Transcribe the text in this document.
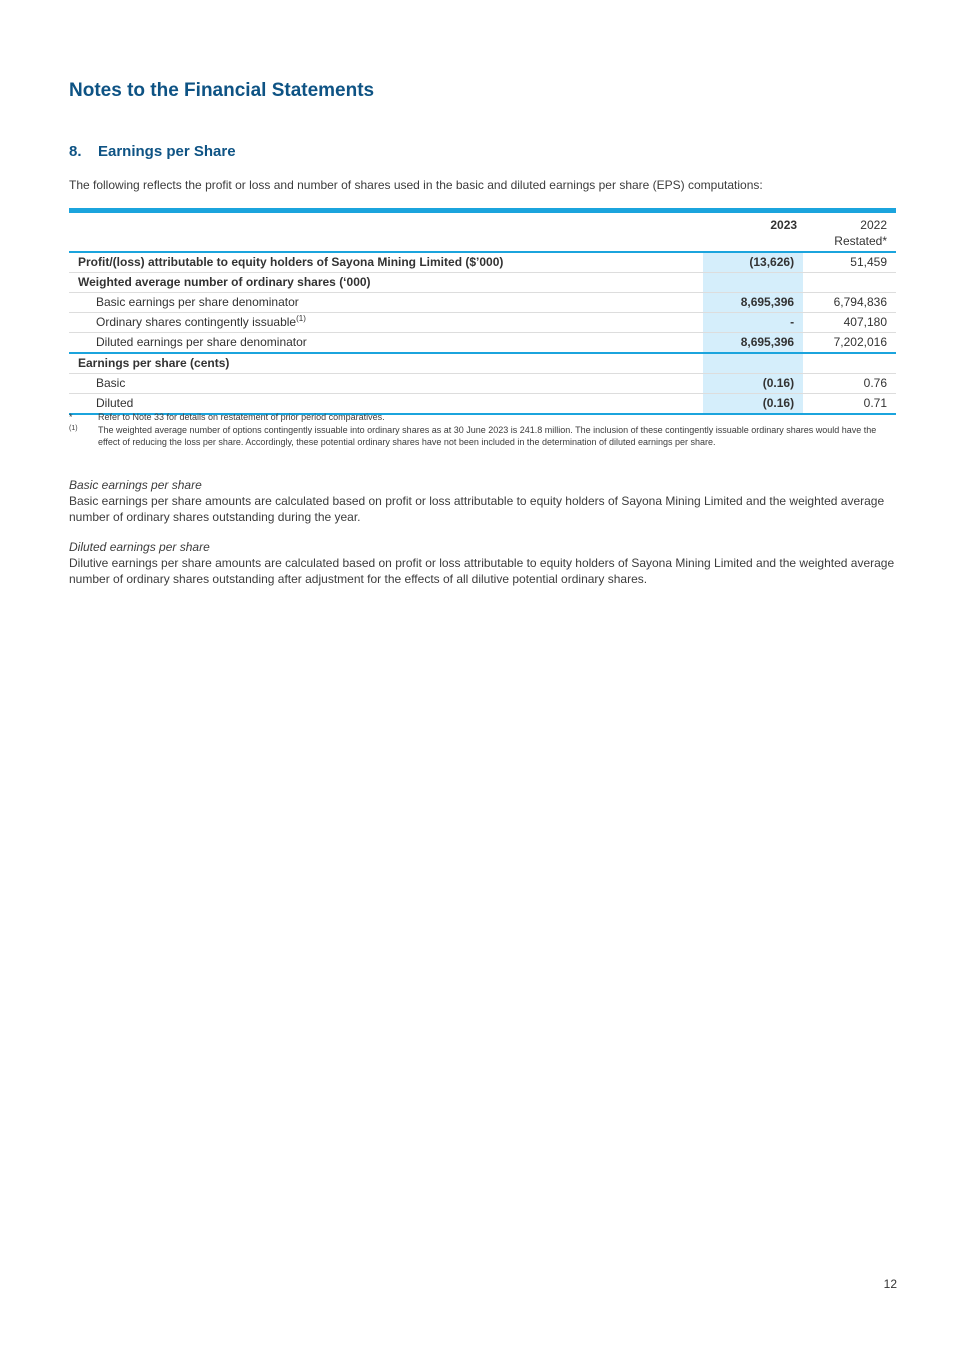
Notes to the Financial Statements
8. Earnings per Share

The following reflects the profit or loss and number of shares used in the basic and diluted earnings per share (EPS) computations:

	2023	2022
Restated*
Profit/(loss) attributable to equity holders of Sayona Mining Limited ($’000)	(13,626)	51,459
Weighted average number of ordinary shares (‘000)		
Basic earnings per share denominator	8,695,396	6,794,836
Ordinary shares contingently issuable$^{(1)}$	-	407,180
Diluted earnings per share denominator	8,695,396	7,202,016
Earnings per share (cents)		
Basic	(0.16)	0.76
Diluted	(0.16)	0.71
*	Refer to Note 33 for details on restatement of prior period comparatives.
(1)	The weighted average number of options contingently issuable into ordinary shares as at 30 June 2023 is 241.8 million. The inclusion of these contingently issuable ordinary shares would have the effect of reducing the loss per share. Accordingly, these potential ordinary shares have not been included in the determination of diluted earnings per share.

Basic earnings per share

Basic earnings per share amounts are calculated based on profit or loss attributable to equity holders of Sayona Mining Limited and the weighted average number of ordinary shares outstanding during the year.

Diluted earnings per share

Dilutive earnings per share amounts are calculated based on profit or loss attributable to equity holders of Sayona Mining Limited and the weighted average number of ordinary shares outstanding after adjustment for the effects of all dilutive potential ordinary shares.

12
